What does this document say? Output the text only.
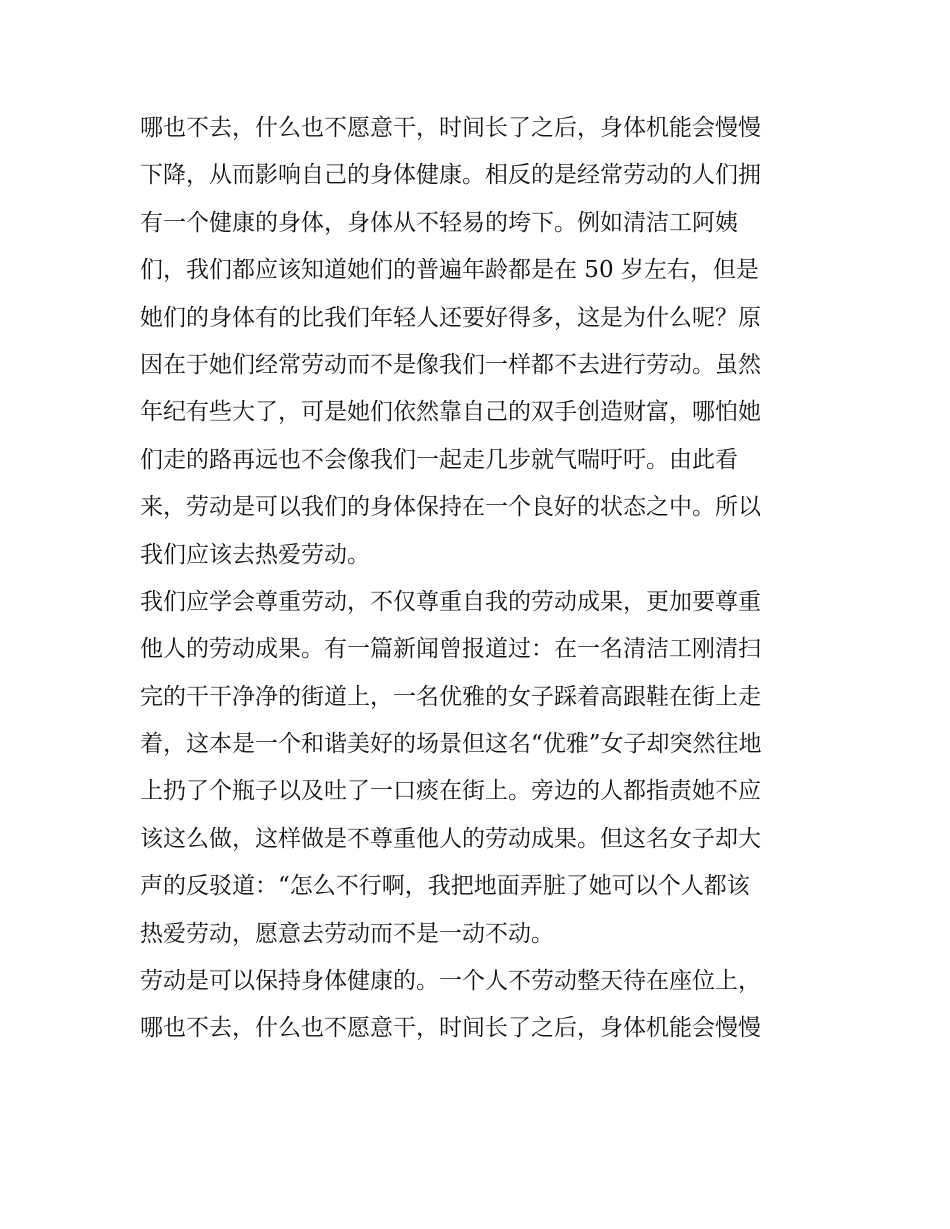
哪也不去，什么也不愿意干，时间长了之后，身体机能会慢慢
下降，从而影响自己的身体健康。相反的是经常劳动的人们拥
有一个健康的身体，身体从不轻易的垮下。例如清洁工阿姨
们，我们都应该知道她们的普遍年龄都是在 50 岁左右，但是
她们的身体有的比我们年轻人还要好得多，这是为什么呢？原
因在于她们经常劳动而不是像我们一样都不去进行劳动。虽然
年纪有些大了，可是她们依然靠自己的双手创造财富，哪怕她
们走的路再远也不会像我们一起走几步就气喘吁吁。由此看
来，劳动是可以我们的身体保持在一个良好的状态之中。所以
我们应该去热爱劳动。
我们应学会尊重劳动，不仅尊重自我的劳动成果，更加要尊重
他人的劳动成果。有一篇新闻曾报道过：在一名清洁工刚清扫
完的干干净净的街道上，一名优雅的女子踩着高跟鞋在街上走
着，这本是一个和谐美好的场景但这名“优雅”女子却突然往地
上扔了个瓶子以及吐了一口痰在街上。旁边的人都指责她不应
该这么做，这样做是不尊重他人的劳动成果。但这名女子却大
声的反驳道：“怎么不行啊，我把地面弄脏了她可以个人都该
热爱劳动，愿意去劳动而不是一动不动。
劳动是可以保持身体健康的。一个人不劳动整天待在座位上，
哪也不去，什么也不愿意干，时间长了之后，身体机能会慢慢
